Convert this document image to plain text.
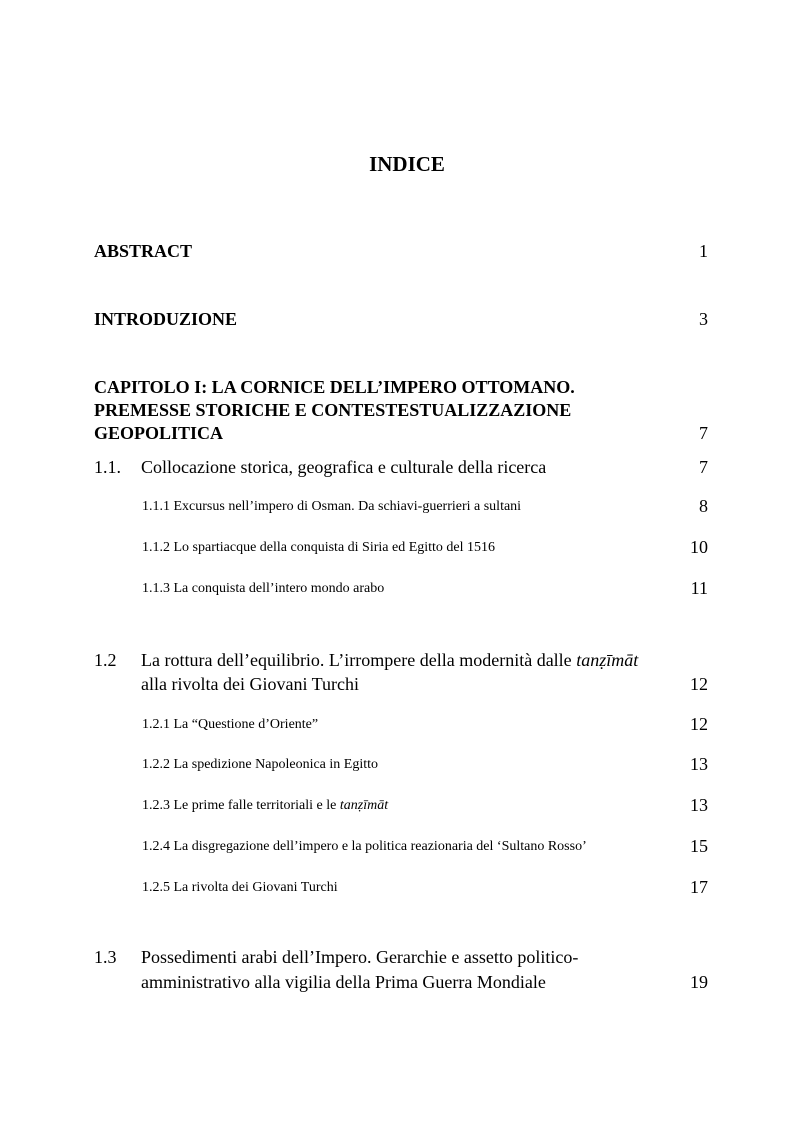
INDICE
ABSTRACT	1
INTRODUZIONE	3
CAPITOLO I: LA CORNICE DELL’IMPERO OTTOMANO.
PREMESSE STORICHE E CONTESTESTUALIZZAZIONE
GEOPOLITICA	7
1.1. Collocazione storica, geografica e culturale della ricerca	7
1.1.1 Excursus nell’impero di Osman. Da schiavi-guerrieri a sultani	8
1.1.2 Lo spartiacque della conquista di Siria ed Egitto del 1516	10
1.1.3 La conquista dell’intero mondo arabo	11
1.2 La rottura dell’equilibrio. L’irrompere della modernità dalle tanẓīmāt
alla rivolta dei Giovani Turchi	12
1.2.1 La “Questione d’Oriente”	12
1.2.2 La spedizione Napoleonica in Egitto	13
1.2.3 Le prime falle territoriali e le tanẓīmāt	13
1.2.4 La disgregazione dell’impero e la politica reazionaria del ‘Sultano Rosso’	15
1.2.5 La rivolta dei Giovani Turchi	17
1.3 Possedimenti arabi dell’Impero. Gerarchie e assetto politico-
amministrativo alla vigilia della Prima Guerra Mondiale	19
